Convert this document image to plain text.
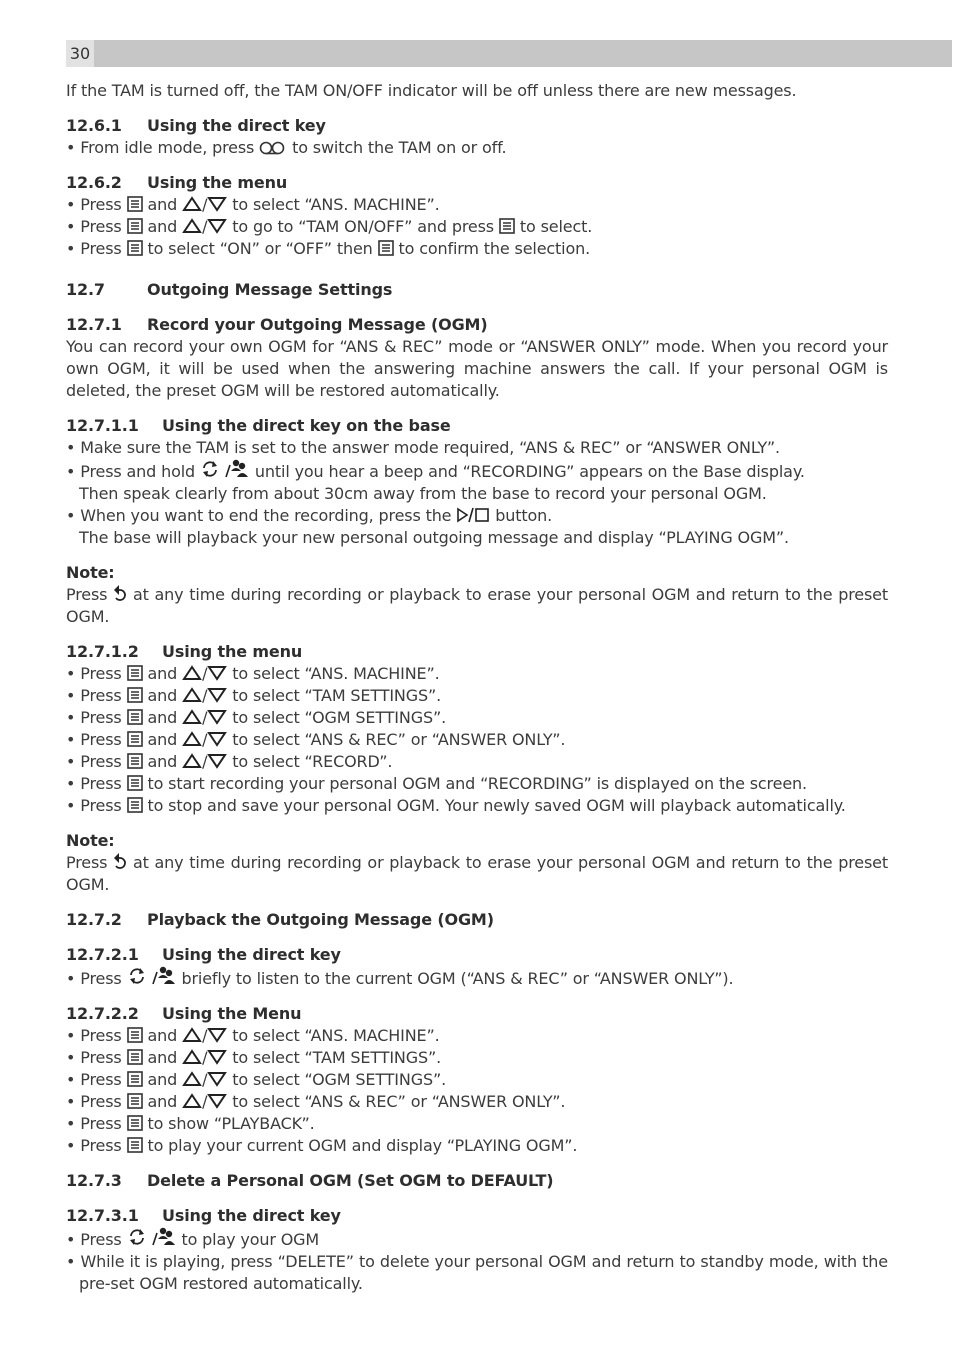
30

If the TAM is turned off, the TAM ON/OFF indicator will be off unless there are new messages.

12.6.1 Using the direct key

• From idle mode, press
to switch the TAM on or off.

12.6.2 Using the menu

• Press
and
/
to select “ANS. MACHINE”.

• Press
and
/
to go to “TAM ON/OFF” and press
to select.

• Press
to select “ON” or “OFF” then
to confirm the selection.

12.7	Outgoing Message Settings

12.7.1 Record your Outgoing Message (OGM)

You can record your own OGM for “ANS & REC” mode or “ANSWER ONLY” mode. When you record your own OGM, it will be used when the answering machine answers the call. If your personal OGM is deleted, the preset OGM will be restored automatically.

12.7.1.1 Using the direct key on the base

• Make sure the TAM is set to the answer mode required, “ANS & REC” or “ANSWER ONLY”.

• Press and hold	until you hear a beep and “RECORDING” appears on the Base display.
Then speak clearly from about 30cm away from the base to record your personal OGM.

• When you want to end the recording, press the
button.
The base will playback your new personal outgoing message and display “PLAYING OGM”.

Note:

Press
at any time during recording or playback to erase your personal OGM and return to the preset OGM.

12.7.1.2 Using the menu

• Press
and
/
to select “ANS. MACHINE”.

• Press
and
/
to select “TAM SETTINGS”.

• Press
and
/
to select “OGM SETTINGS”.

• Press
and
/
to select “ANS & REC” or “ANSWER ONLY”.

• Press
and
/
to select “RECORD”.

• Press
to start recording your personal OGM and “RECORDING” is displayed on the screen.

• Press
to stop and save your personal OGM. Your newly saved OGM will playback automatically.

Note:

Press
at any time during recording or playback to erase your personal OGM and return to the preset OGM.

12.7.2 Playback the Outgoing Message (OGM)

12.7.2.1 Using the direct key

• Press	briefly to listen to the current OGM (“ANS & REC” or “ANSWER ONLY”).

12.7.2.2 Using the Menu

• Press
and
/
to select “ANS. MACHINE”.

• Press
and
/
to select “TAM SETTINGS”.

• Press
and
/
to select “OGM SETTINGS”.

• Press
and
/
to select “ANS & REC” or “ANSWER ONLY”.

• Press
to show “PLAYBACK”.

• Press
to play your current OGM and display “PLAYING OGM”.

12.7.3 Delete a Personal OGM (Set OGM to DEFAULT)

12.7.3.1 Using the direct key

• Press	to play your OGM

• While it is playing, press “DELETE” to delete your personal OGM and return to standby mode, with the pre-set OGM restored automatically.
